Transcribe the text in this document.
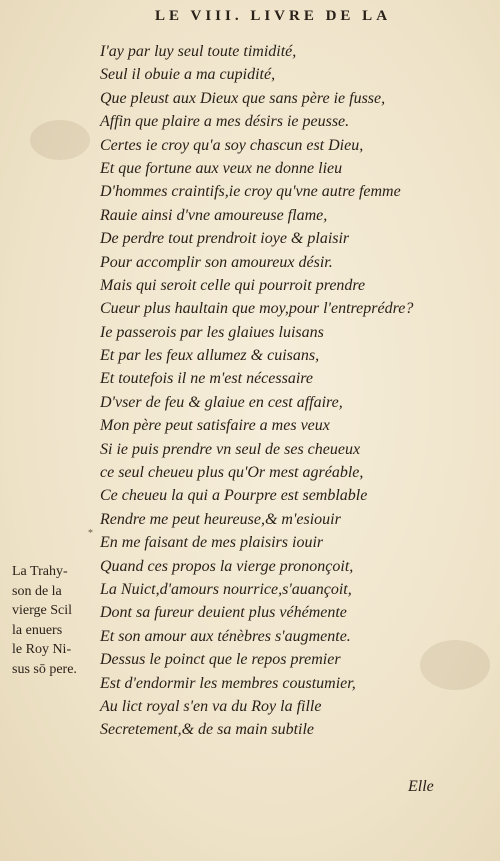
LE VIII. LIVRE DE LA
I'ay par luy seul toute timidité,
Seul il obuie a ma cupidité,
Que pleust aux Dieux que sans père ie fusse,
Affin que plaire a mes désirs ie peusse.
Certes ie croy qu'a soy chascun est Dieu,
Et que fortune aux veux ne donne lieu
D'hommes craintifs,ie croy qu'vne autre femme
Rauie ainsi d'vne amoureuse flame,
De perdre tout prendroit ioye & plaisir
Pour accomplir son amoureux désir.
Mais qui seroit celle qui pourroit prendre
Cueur plus haultain que moy,pour l'entreprédre?
Ie passerois par les glaiues luisans
Et par les feux allumez & cuisans,
Et toutefois il ne m'est nécessaire
D'vser de feu & glaiue en cest affaire,
Mon père peut satisfaire a mes veux
Si ie puis prendre vn seul de ses cheueux
ce seul cheueu plus qu'Or mest agréable,
Ce cheueu la qui a Pourpre est semblable
Rendre me peut heureuse,& m'esiouir
En me faisant de mes plaisirs iouir
Quand ces propos la vierge prononçoit,
La Nuict,d'amours nourrice,s'auançoit,
Dont sa fureur deuient plus véhémente
Et son amour aux ténèbres s'augmente.
Dessus le poinct que le repos premier
Est d'endormir les membres coustumier,
Au lict royal s'en va du Roy la fille
Secretement,& de sa main subtile
*
La Trahy-
son de la
vierge Scil
la enuers
le Roy Ni-
sus sō pere.
Elle
